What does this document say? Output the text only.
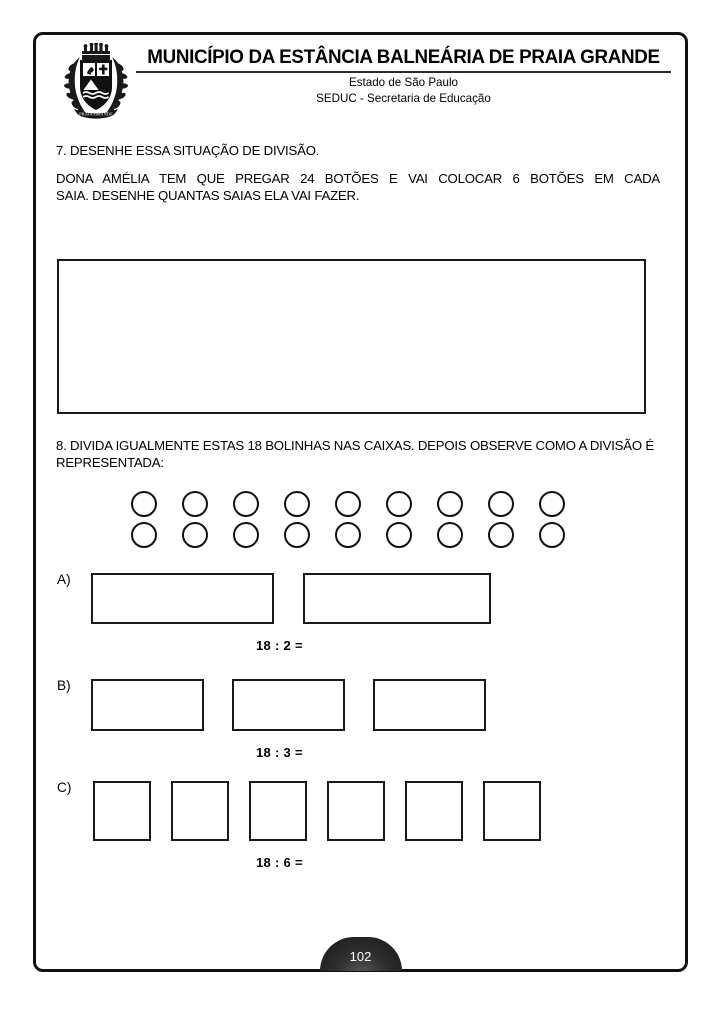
PRAIA GRANDE
MUNICÍPIO DA ESTÂNCIA BALNEÁRIA DE PRAIA GRANDE
Estado de São Paulo
SEDUC - Secretaria de Educação
7. DESENHE ESSA SITUAÇÃO DE DIVISÃO.
DONA AMÉLIA TEM QUE PREGAR 24 BOTÕES E VAI COLOCAR 6 BOTÕES EM CADA
SAIA. DESENHE QUANTAS SAIAS ELA VAI FAZER.
8. DIVIDA IGUALMENTE ESTAS 18 BOLINHAS NAS CAIXAS. DEPOIS OBSERVE COMO A DIVISÃO É REPRESENTADA:
A)
18 : 2 =
B)
18 : 3 =
C)
18 : 6 =
102
